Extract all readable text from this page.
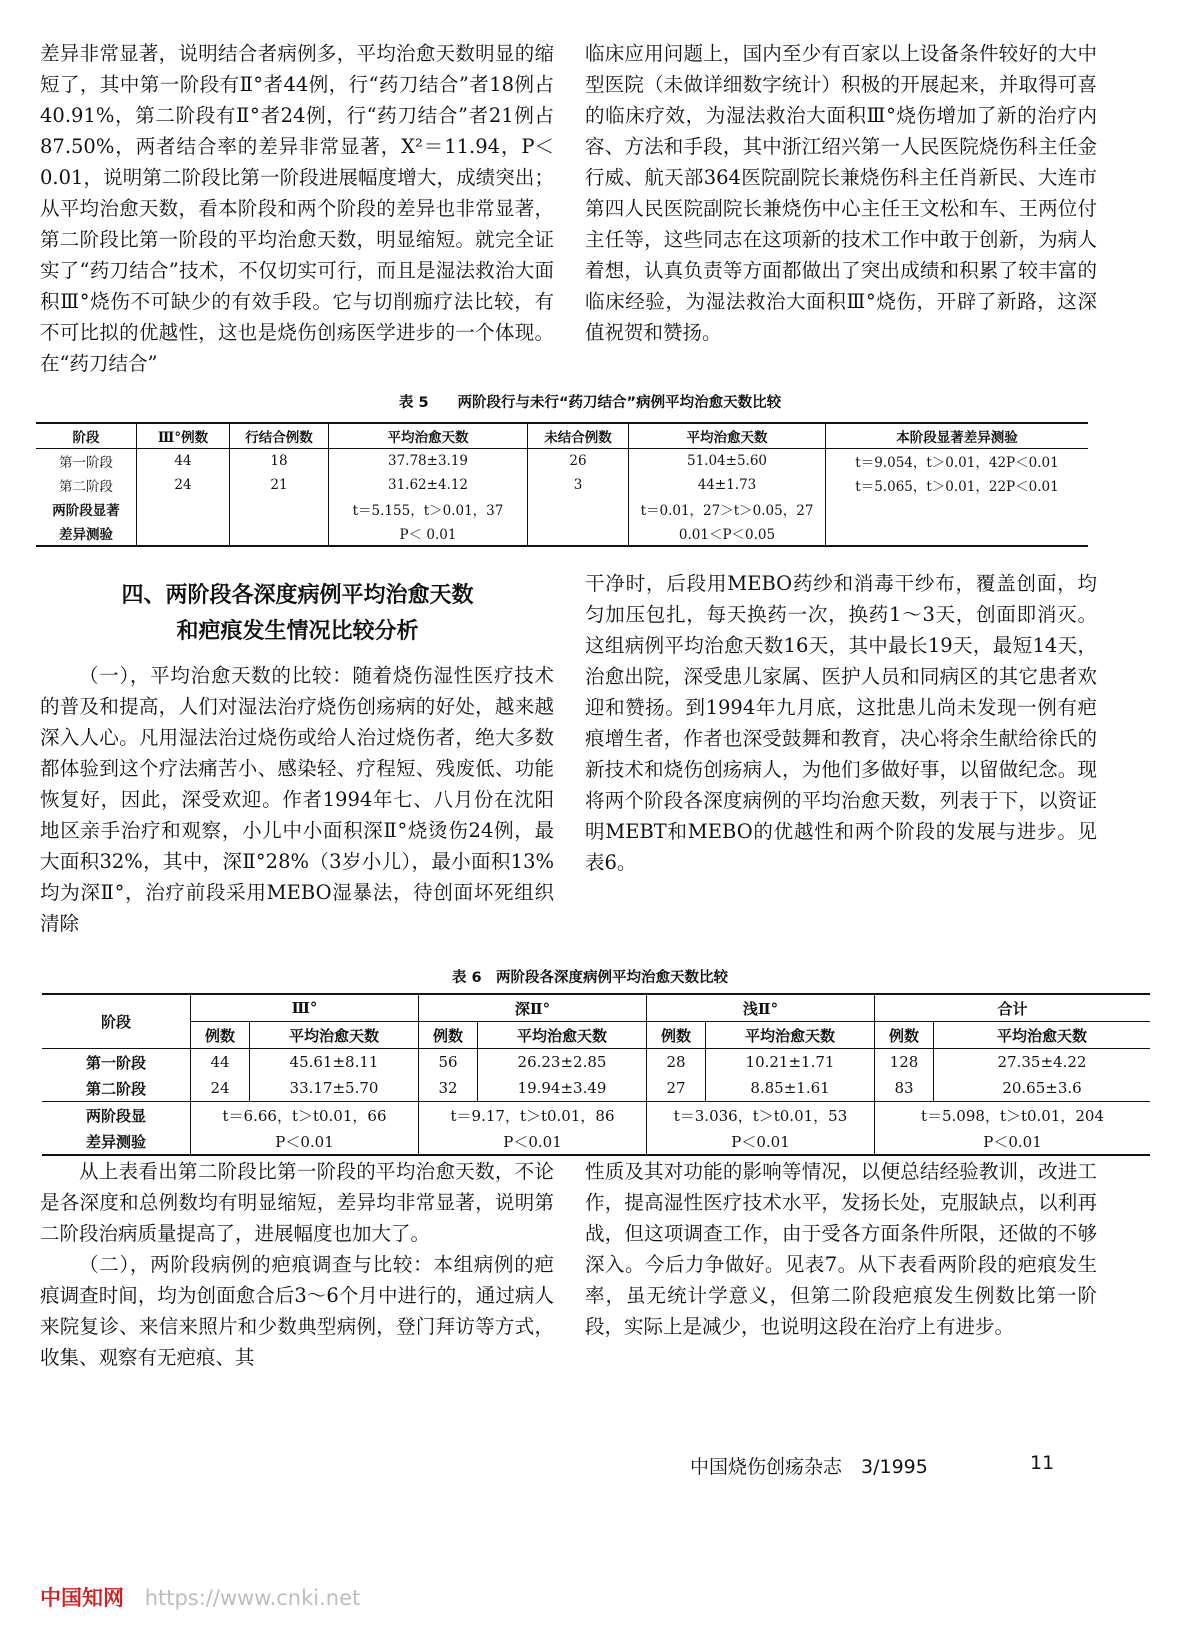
差异非常显著，说明结合者病例多，平均治愈天数明显的缩短了，其中第一阶段有Ⅱ°者44例，行“药刀结合”者18例占40.91%，第二阶段有Ⅱ°者24例，行“药刀结合”者21例占87.50%，两者结合率的差异非常显著，X²＝11.94，P＜0.01，说明第二阶段比第一阶段进展幅度增大，成绩突出；从平均治愈天数，看本阶段和两个阶段的差异也非常显著，第二阶段比第一阶段的平均治愈天数，明显缩短。就完全证实了“药刀结合”技术，不仅切实可行，而且是湿法救治大面积Ⅲ°烧伤不可缺少的有效手段。它与切削痂疗法比较，有不可比拟的优越性，这也是烧伤创疡医学进步的一个体现。在“药刀结合”

临床应用问题上，国内至少有百家以上设备条件较好的大中型医院（未做详细数字统计）积极的开展起来，并取得可喜的临床疗效，为湿法救治大面积Ⅲ°烧伤增加了新的治疗内容、方法和手段，其中浙江绍兴第一人民医院烧伤科主任金行威、航天部364医院副院长兼烧伤科主任肖新民、大连市第四人民医院副院长兼烧伤中心主任王文松和车、王两位付主任等，这些同志在这项新的技术工作中敢于创新，为病人着想，认真负责等方面都做出了突出成绩和积累了较丰富的临床经验，为湿法救治大面积Ⅲ°烧伤，开辟了新路，这深值祝贺和赞扬。

表 5　　两阶段行与未行“药刀结合”病例平均治愈天数比较
阶段	Ⅲ°例数	行结合例数	平均治愈天数	未结合例数	平均治愈天数	本阶段显著差异测验
第一阶段	44	18	37.78±3.19	26	51.04±5.60	t＝9.054，t＞0.01，42P＜0.01
第二阶段	24	21	31.62±4.12	3	44±1.73	t＝5.065，t＞0.01，22P＜0.01
两阶段显著			t＝5.155，t＞0.01，37		t＝0.01，27＞t＞0.05，27	
差异测验			P＜ 0.01		0.01＜P＜0.05	
四、两阶段各深度病例平均治愈天数
和疤痕发生情况比较分析

（一），平均治愈天数的比较：随着烧伤湿性医疗技术的普及和提高，人们对湿法治疗烧伤创疡病的好处，越来越深入人心。凡用湿法治过烧伤或给人治过烧伤者，绝大多数都体验到这个疗法痛苦小、感染轻、疗程短、残废低、功能恢复好，因此，深受欢迎。作者1994年七、八月份在沈阳地区亲手治疗和观察，小儿中小面积深Ⅱ°烧烫伤24例，最大面积32%，其中，深Ⅱ°28%（3岁小儿），最小面积13%均为深Ⅱ°，治疗前段采用MEBO湿暴法，待创面坏死组织清除

干净时，后段用MEBO药纱和消毒干纱布，覆盖创面，均匀加压包扎，每天换药一次，换药1～3天，创面即消灭。这组病例平均治愈天数16天，其中最长19天，最短14天，治愈出院，深受患儿家属、医护人员和同病区的其它患者欢迎和赞扬。到1994年九月底，这批患儿尚未发现一例有疤痕增生者，作者也深受鼓舞和教育，决心将余生献给徐氏的新技术和烧伤创疡病人，为他们多做好事，以留做纪念。现将两个阶段各深度病例的平均治愈天数，列表于下，以资证明MEBT和MEBO的优越性和两个阶段的发展与进步。见表6。

表 6　两阶段各深度病例平均治愈天数比较
阶段	Ⅲ°		深Ⅱ°		浅Ⅱ°		合计	
	例数	平均治愈天数	例数	平均治愈天数	例数	平均治愈天数	例数	平均治愈天数
第一阶段	44	45.61±8.11	56	26.23±2.85	28	10.21±1.71	128	27.35±4.22
第二阶段	24	33.17±5.70	32	19.94±3.49	27	8.85±1.61	83	20.65±3.6
两阶段显	t＝6.66，t＞t0.01，66		t＝9.17，t＞t0.01，86		t＝3.036，t＞t0.01，53		t＝5.098，t＞t0.01，204	
差异测验	P＜0.01		P＜0.01		P＜0.01		P＜0.01	

从上表看出第二阶段比第一阶段的平均治愈天数，不论是各深度和总例数均有明显缩短，差异均非常显著，说明第二阶段治病质量提高了，进展幅度也加大了。

（二），两阶段病例的疤痕调查与比较：本组病例的疤痕调查时间，均为创面愈合后3～6个月中进行的，通过病人来院复诊、来信来照片和少数典型病例，登门拜访等方式，收集、观察有无疤痕、其

性质及其对功能的影响等情况，以便总结经验教训，改进工作，提高湿性医疗技术水平，发扬长处，克服缺点，以利再战，但这项调查工作，由于受各方面条件所限，还做的不够深入。今后力争做好。见表7。从下表看两阶段的疤痕发生率，虽无统计学意义，但第二阶段疤痕发生例数比第一阶段，实际上是减少，也说明这段在治疗上有进步。

中国烧伤创疡杂志　3/1995	11
中国知网 https://www.cnki.net
